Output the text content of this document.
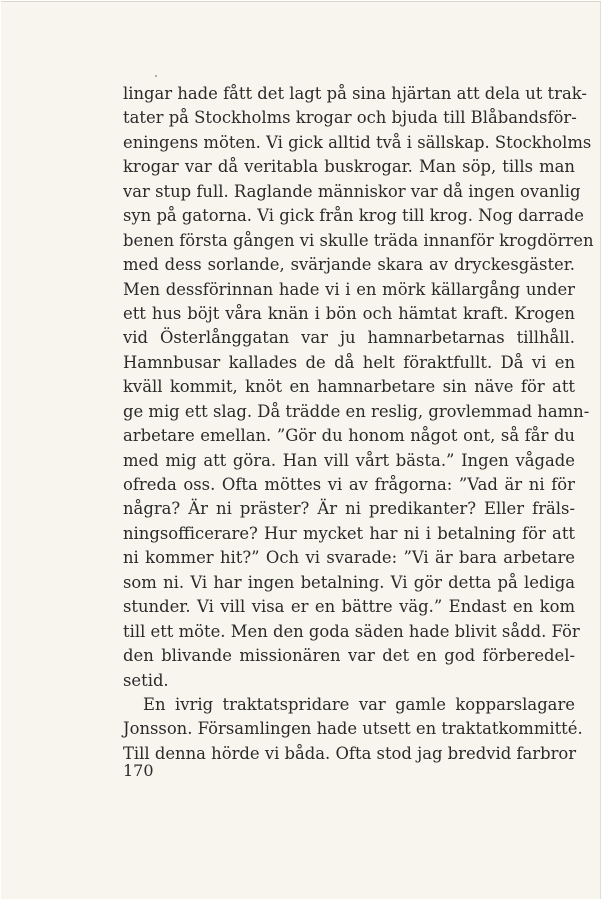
lingar hade fått det lagt på sina hjärtan att dela ut trak-
tater på Stockholms krogar och bjuda till Blåbandsför-
eningens möten. Vi gick alltid två i sällskap. Stockholms
krogar var då veritabla buskrogar. Man söp, tills man
var stup full. Raglande människor var då ingen ovanlig
syn på gatorna. Vi gick från krog till krog. Nog darrade
benen första gången vi skulle träda innanför krogdörren
med dess sorlande, svärjande skara av dryckesgäster.
Men dessförinnan hade vi i en mörk källargång under
ett hus böjt våra knän i bön och hämtat kraft. Krogen
vid Österlånggatan var ju hamnarbetarnas tillhåll.
Hamnbusar kallades de då helt föraktfullt. Då vi en
kväll kommit, knöt en hamnarbetare sin näve för att
ge mig ett slag. Då trädde en reslig, grovlemmad hamn-
arbetare emellan. ”Gör du honom något ont, så får du
med mig att göra. Han vill vårt bästa.” Ingen vågade
ofreda oss. Ofta möttes vi av frågorna: ”Vad är ni för
några? Är ni präster? Är ni predikanter? Eller fräls-
ningsofficerare? Hur mycket har ni i betalning för att
ni kommer hit?” Och vi svarade: ”Vi är bara arbetare
som ni. Vi har ingen betalning. Vi gör detta på lediga
stunder. Vi vill visa er en bättre väg.” Endast en kom
till ett möte. Men den goda säden hade blivit sådd. För
den blivande missionären var det en god förberedel-
setid.
En ivrig traktatspridare var gamle kopparslagare
Jonsson. Församlingen hade utsett en traktatkommitté.
Till denna hörde vi båda. Ofta stod jag bredvid farbror
170
